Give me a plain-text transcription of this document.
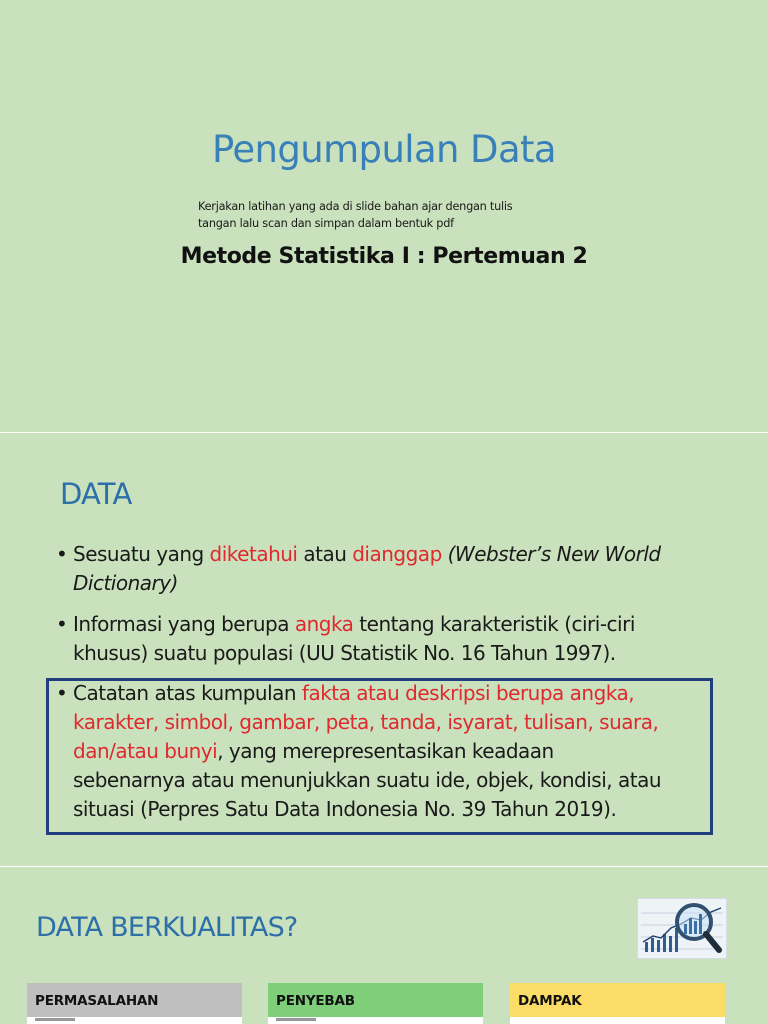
Pengumpulan Data
Kerjakan latihan yang ada di slide bahan ajar dengan tulis
tangan lalu scan dan simpan dalam bentuk pdf
Metode Statistika I : Pertemuan 2
DATA
• Sesuatu yang diketahui atau dianggap (Webster’s New World
Dictionary)
• Informasi yang berupa angka tentang karakteristik (ciri-ciri
khusus) suatu populasi (UU Statistik No. 16 Tahun 1997).
• Catatan atas kumpulan fakta atau deskripsi berupa angka,
karakter, simbol, gambar, peta, tanda, isyarat, tulisan, suara,
dan/atau bunyi, yang merepresentasikan keadaan
sebenarnya atau menunjukkan suatu ide, objek, kondisi, atau
situasi (Perpres Satu Data Indonesia No. 39 Tahun 2019).
DATA BERKUALITAS?
PERMASALAHAN	PENYEBAB	DAMPAK
